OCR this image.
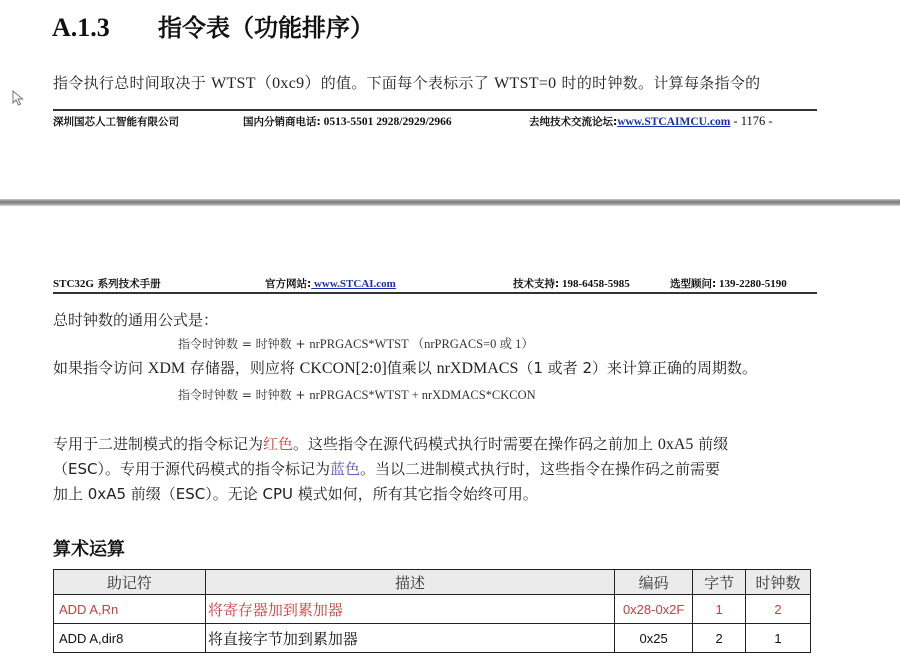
A.1.3 指令表（功能排序）
指令执行总时间取决于 WTST（0xc9）的值。下面每个表标示了 WTST=0 时的时钟数。计算每条指令的
深圳国芯人工智能有限公司	国内分销商电话: 0513-5501 2928/2929/2966	去纯技术交流论坛:www.STCAIMCU.com - 1176 -
STC32G 系列技术手册	官方网站: www.STCAI.com	技术支持: 198-6458-5985	选型顾问: 139-2280-5190
总时钟数的通用公式是：
指令时钟数 = 时钟数 + nrPRGACS*WTST （nrPRGACS=0 或 1）
如果指令访问 XDM 存储器，则应将 CKCON[2:0]值乘以 nrXDMACS（1 或者 2）来计算正确的周期数。
指令时钟数 = 时钟数 + nrPRGACS*WTST + nrXDMACS*CKCON
专用于二进制模式的指令标记为红色。这些指令在源代码模式执行时需要在操作码之前加上 0xA5 前缀
（ESC）。专用于源代码模式的指令标记为蓝色。当以二进制模式执行时，这些指令在操作码之前需要
加上 0xA5 前缀（ESC）。无论 CPU 模式如何，所有其它指令始终可用。
算术运算
助记符	描述	编码	字节	时钟数
ADD A,Rn	将寄存器加到累加器	0x28-0x2F	1	2
ADD A,dir8	将直接字节加到累加器	0x25	2	1
